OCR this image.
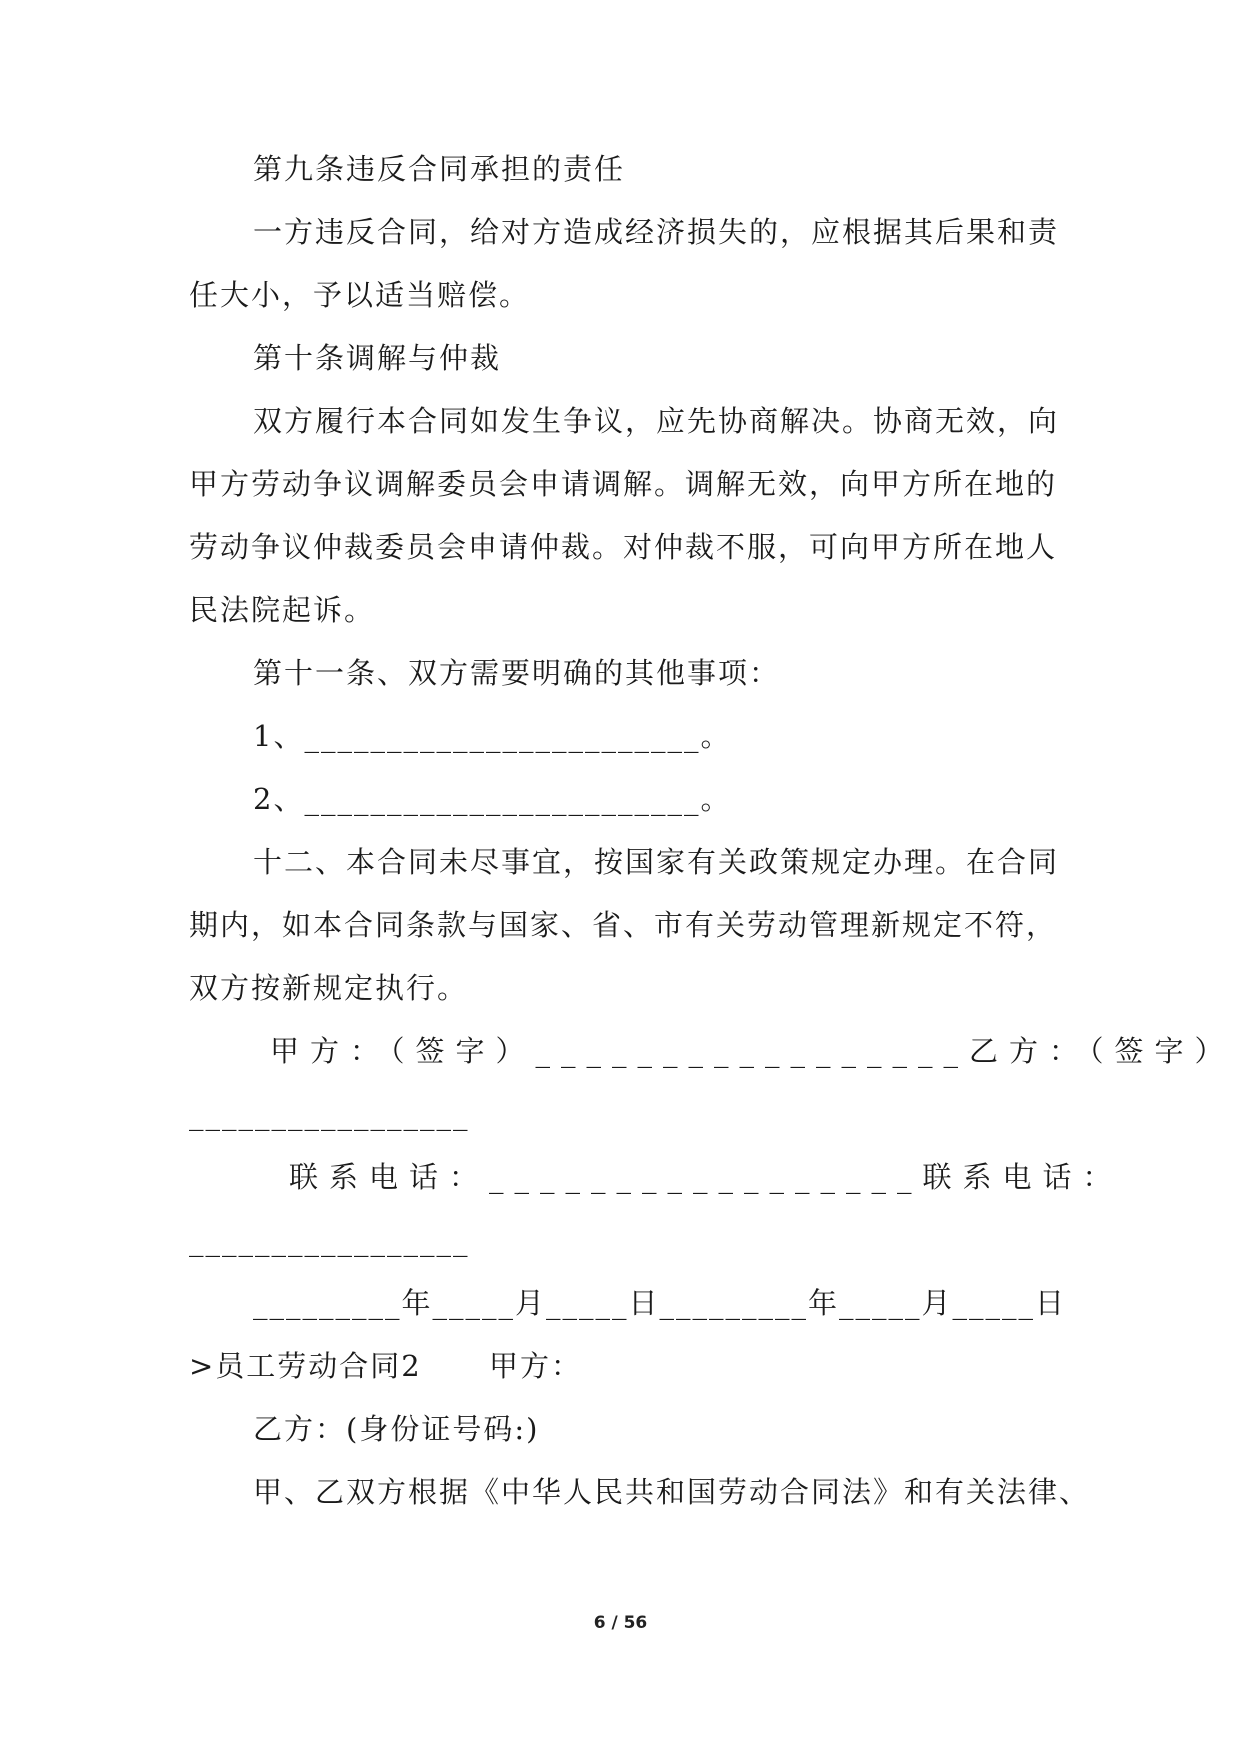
第九条违反合同承担的责任
一方违反合同，给对方造成经济损失的，应根据其后果和责
任大小，予以适当赔偿。
第十条调解与仲裁
双方履行本合同如发生争议，应先协商解决。协商无效，向
甲方劳动争议调解委员会申请调解。调解无效，向甲方所在地的
劳动争议仲裁委员会申请仲裁。对仲裁不服，可向甲方所在地人
民法院起诉。
第十一条、双方需要明确的其他事项：
1、________________________。
2、________________________。
十二、本合同未尽事宜，按国家有关政策规定办理。在合同
期内，如本合同条款与国家、省、市有关劳动管理新规定不符，
双方按新规定执行。
甲方：（签字）_________________乙方：（签字）
_________________
联系电话：_________________联系电话：
_________________
_________年_____月_____日_________年_____月_____日
>员工劳动合同2      甲方：
乙方：(身份证号码:)
甲、乙双方根据《中华人民共和国劳动合同法》和有关法律、
6 / 56
